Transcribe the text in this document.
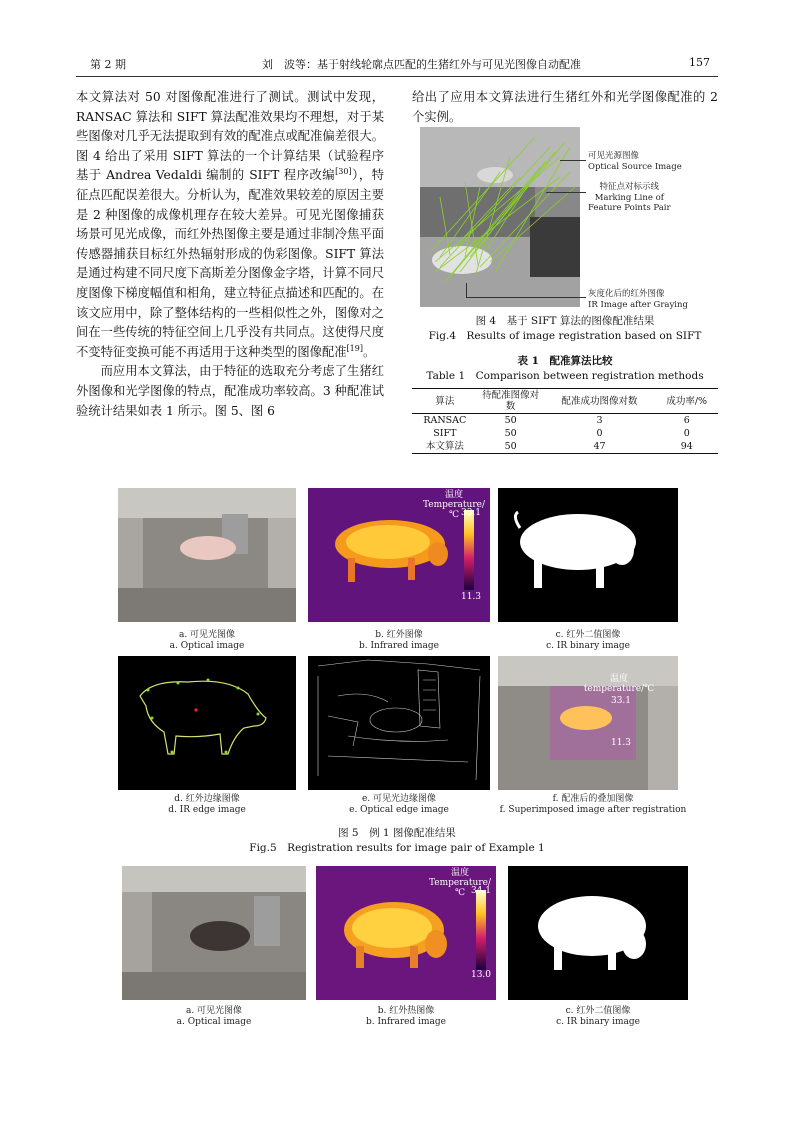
第 2 期	刘　波等：基于射线轮廓点匹配的生猪红外与可见光图像自动配准	157

本文算法对 50 对图像配准进行了测试。测试中发现，RANSAC 算法和 SIFT 算法配准效果均不理想，对于某些图像对几乎无法提取到有效的配准点或配准偏差很大。图 4 给出了采用 SIFT 算法的一个计算结果（试验程序基于 Andrea Vedaldi 编制的 SIFT 程序改编[30]），特征点匹配误差很大。分析认为，配准效果较差的原因主要是 2 种图像的成像机理存在较大差异。可见光图像捕获场景可见光成像，而红外热图像主要是通过非制冷焦平面传感器捕获目标红外热辐射形成的伪彩图像。SIFT 算法是通过构建不同尺度下高斯差分图像金字塔，计算不同尺度图像下梯度幅值和相角，建立特征点描述和匹配的。在该文应用中，除了整体结构的一些相似性之外，图像对之间在一些传统的特征空间上几乎没有共同点。这使得尺度不变特征变换可能不再适用于这种类型的图像配准[19]。

而应用本文算法，由于特征的选取充分考虑了生猪红外图像和光学图像的特点，配准成功率较高。3 种配准试验统计结果如表 1 所示。图 5、图 6

给出了应用本文算法进行生猪红外和光学图像配准的 2 个实例。
可见光源图像
Optical Source Image
特征点对标示线
Marking Line of
Feature Points Pair
灰度化后的红外图像
IR Image after Graying
图 4　基于 SIFT 算法的图像配准结果
Fig.4　Results of image registration based on SIFT
表 1　配准算法比较
Table 1　Comparison between registration methods
算法	待配准图像对数	配准成功图像对数	成功率/%
RANSAC	50	3	6
SIFT	50	0	0
本文算法	50	47	94
温度
Temperature/℃ 33.1
11.3
a. 可见光图像
a. Optical image
b. 红外图像
b. Infrared image
c. 红外二值图像
c. IR binary image
温度
temperature/℃
33.1
11.3
d. 红外边缘图像
d. IR edge image
e. 可见光边缘图像
e. Optical edge image
f. 配准后的叠加图像
f. Superimposed image after registration
图 5　例 1 图像配准结果
Fig.5　Registration results for image pair of Example 1
温度
Temperature/℃ 34.1
13.0
a. 可见光图像
a. Optical image
b. 红外热图像
b. Infrared image
c. 红外二值图像
c. IR binary image
